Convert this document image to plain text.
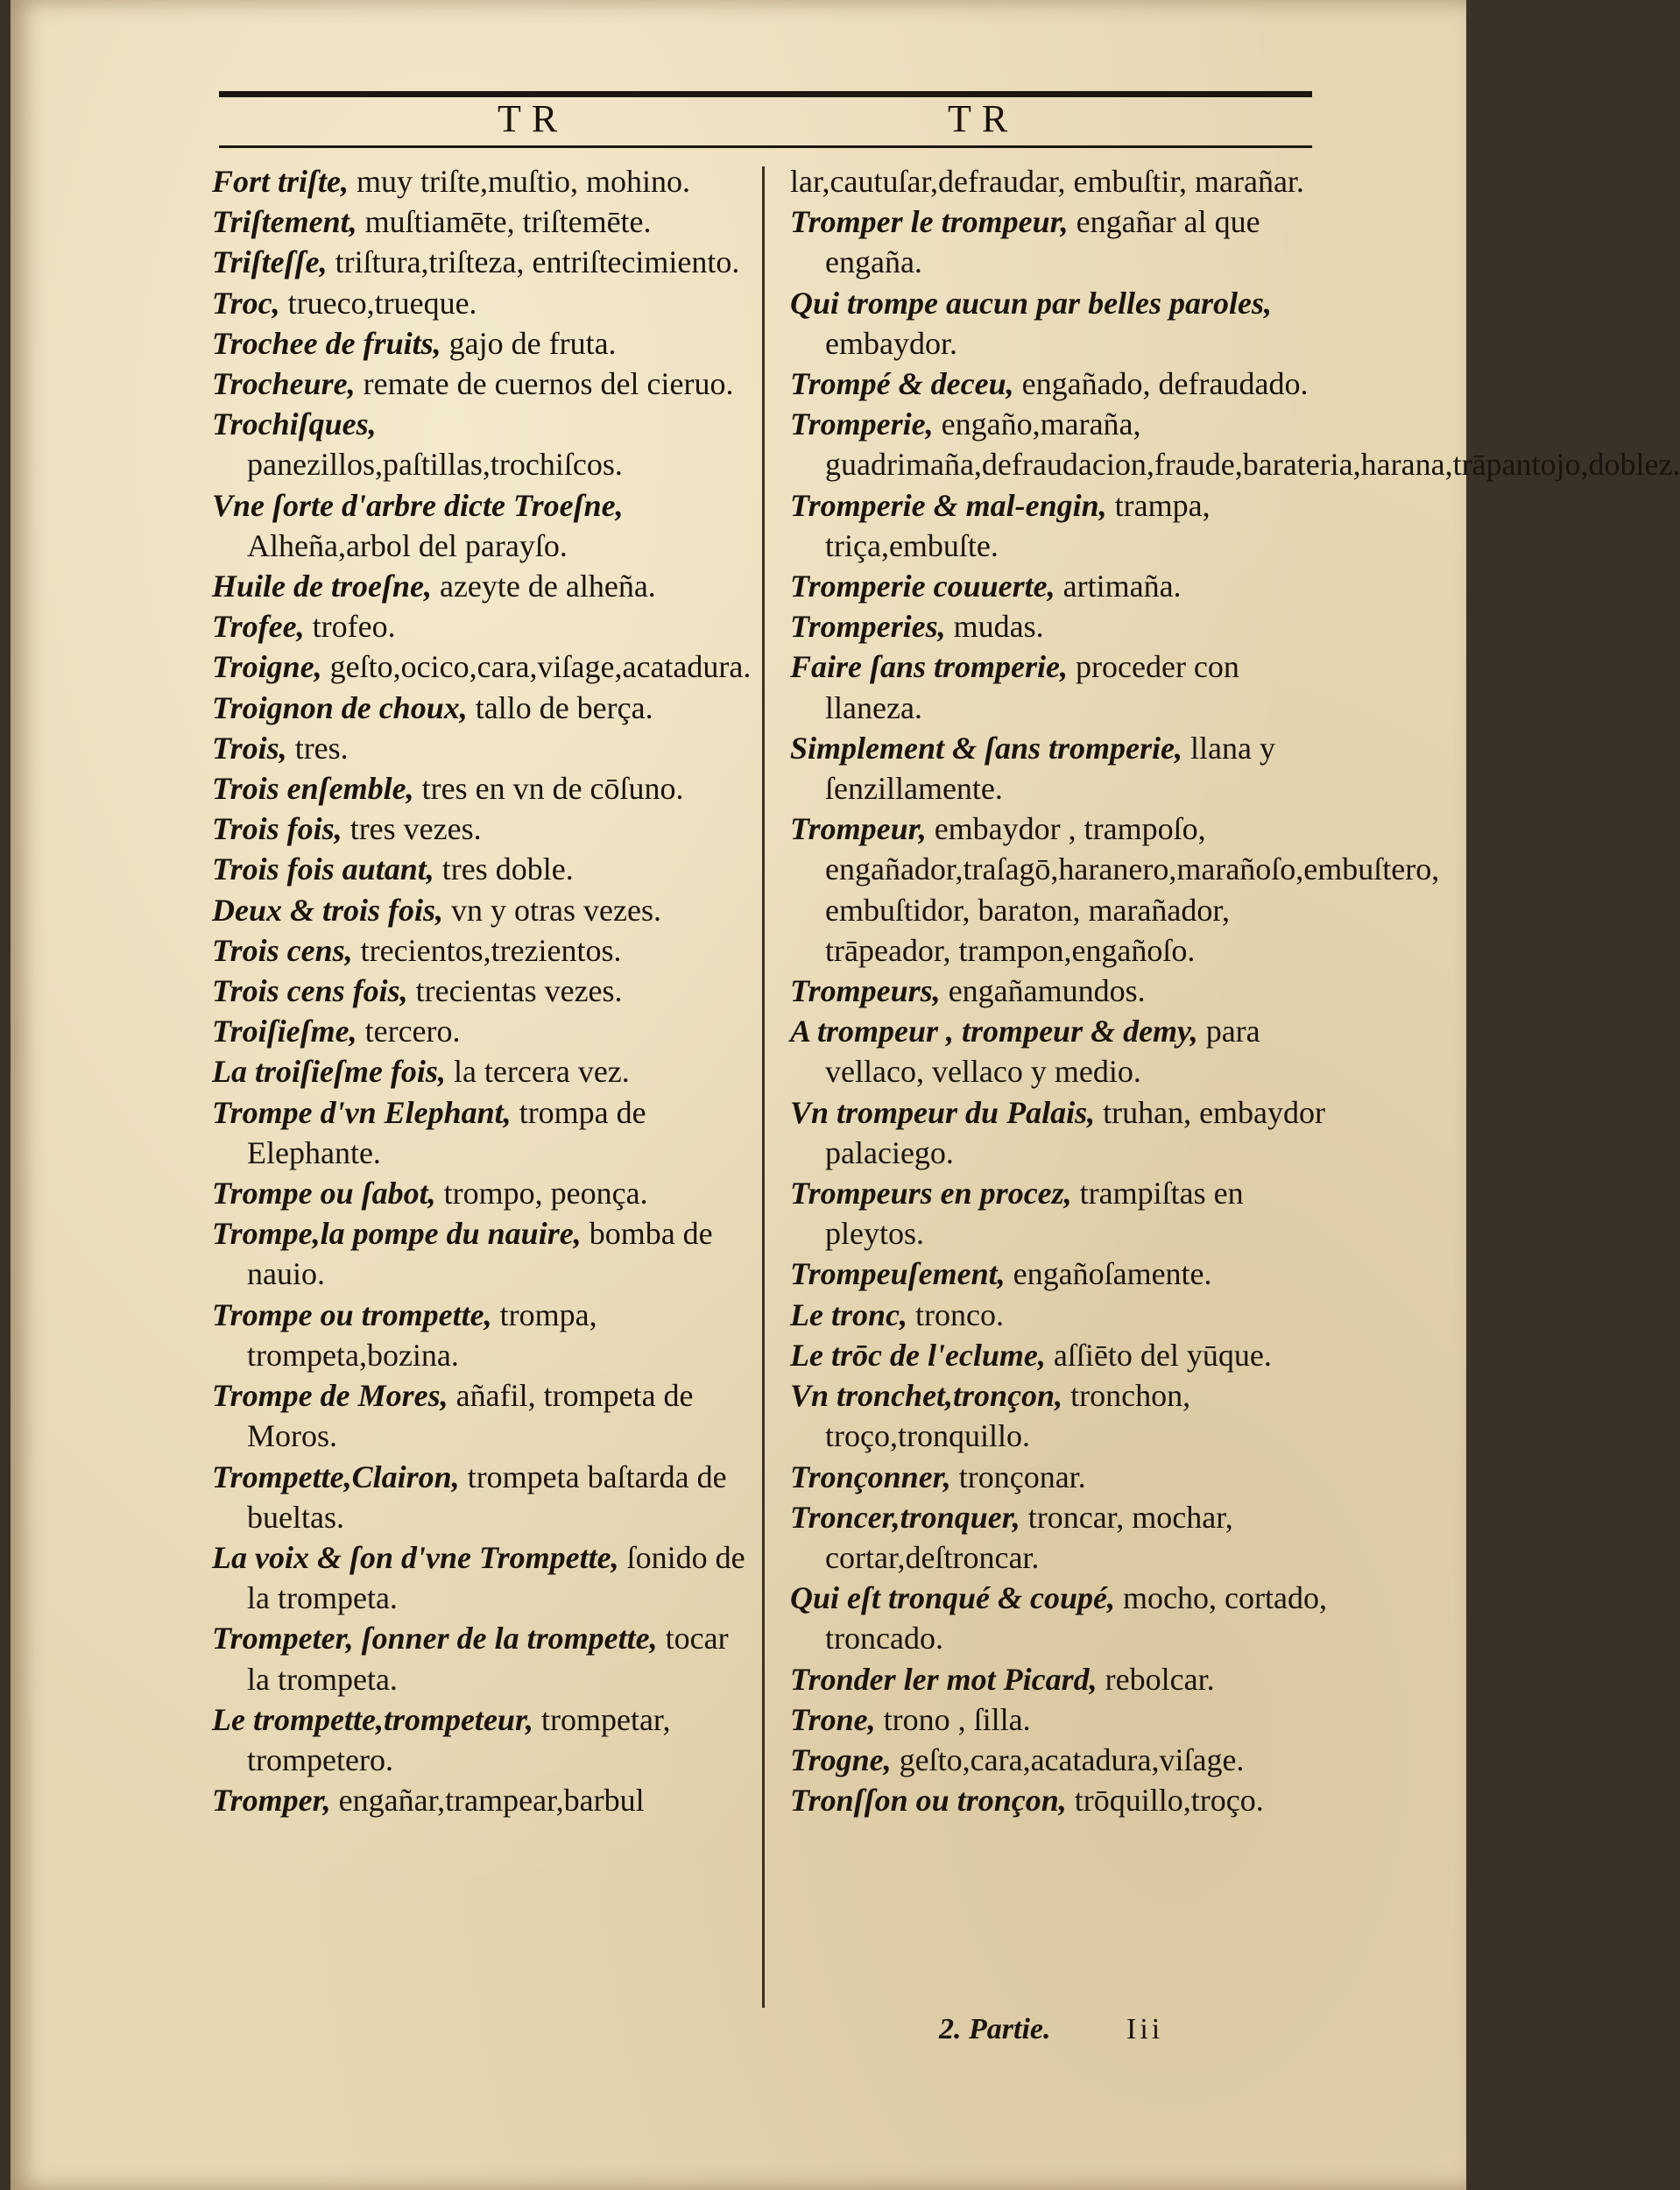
TR	TR
Fort triſte, muy triſte,muſtio, mohino.
Triſtement, muſtiamēte, triſtemēte.
Triſteſſe, triſtura,triſteza, entriſtecimiento.
Troc, trueco,trueque.
Trochee de fruits, gajo de fruta.
Trocheure, remate de cuernos del cieruo.
Trochiſques, panezillos,paſtillas,trochiſcos.
Vne ſorte d'arbre dicte Troeſne, Alheña,arbol del parayſo.
Huile de troeſne, azeyte de alheña.
Trofee, trofeo.
Troigne, geſto,ocico,cara,viſage,acatadura.
Troignon de choux, tallo de berça.
Trois, tres.
Trois enſemble, tres en vn de cōſuno.
Trois fois, tres vezes.
Trois fois autant, tres doble.
Deux & trois fois, vn y otras vezes.
Trois cens, trecientos,trezientos.
Trois cens fois, trecientas vezes.
Troiſieſme, tercero.
La troiſieſme fois, la tercera vez.
Trompe d'vn Elephant, trompa de Elephante.
Trompe ou ſabot, trompo, peonça.
Trompe,la pompe du nauire, bomba de nauio.
Trompe ou trompette, trompa, trompeta,bozina.
Trompe de Mores, añafil, trompeta de Moros.
Trompette,Clairon, trompeta baſtarda de bueltas.
La voix & ſon d'vne Trompette, ſonido de la trompeta.
Trompeter, ſonner de la trompette, tocar la trompeta.
Le trompette,trompeteur, trompetar, trompetero.
Tromper, engañar,trampear,barbul
lar,cautuſar,defraudar, embuſtir, marañar.
Tromper le trompeur, engañar al que engaña.
Qui trompe aucun par belles paroles, embaydor.
Trompé & deceu, engañado, defraudado.
Tromperie, engaño,maraña, guadrimaña,defraudacion,fraude,barateria,harana,trāpantojo,doblez.
Tromperie & mal-engin, trampa, triça,embuſte.
Tromperie couuerte, artimaña.
Tromperies, mudas.
Faire ſans tromperie, proceder con llaneza.
Simplement & ſans tromperie, llana y ſenzillamente.
Trompeur, embaydor , trampoſo, engañador,traſagō,haranero,marañoſo,embuſtero, embuſtidor, baraton, marañador, trāpeador, trampon,engañoſo.
Trompeurs, engañamundos.
A trompeur , trompeur & demy, para vellaco, vellaco y medio.
Vn trompeur du Palais, truhan, embaydor palaciego.
Trompeurs en procez, trampiſtas en pleytos.
Trompeuſement, engañoſamente.
Le tronc, tronco.
Le trōc de l'eclume, aſſiēto del yūque.
Vn tronchet,tronçon, tronchon, troço,tronquillo.
Tronçonner, tronçonar.
Troncer,tronquer, troncar, mochar, cortar,deſtroncar.
Qui eſt tronqué & coupé, mocho, cortado, troncado.
Tronder ler mot Picard, rebolcar.
Trone, trono , ſilla.
Trogne, geſto,cara,acatadura,viſage.
Tronſſon ou tronçon, trōquillo,troço.
2. Partie.	Iii
